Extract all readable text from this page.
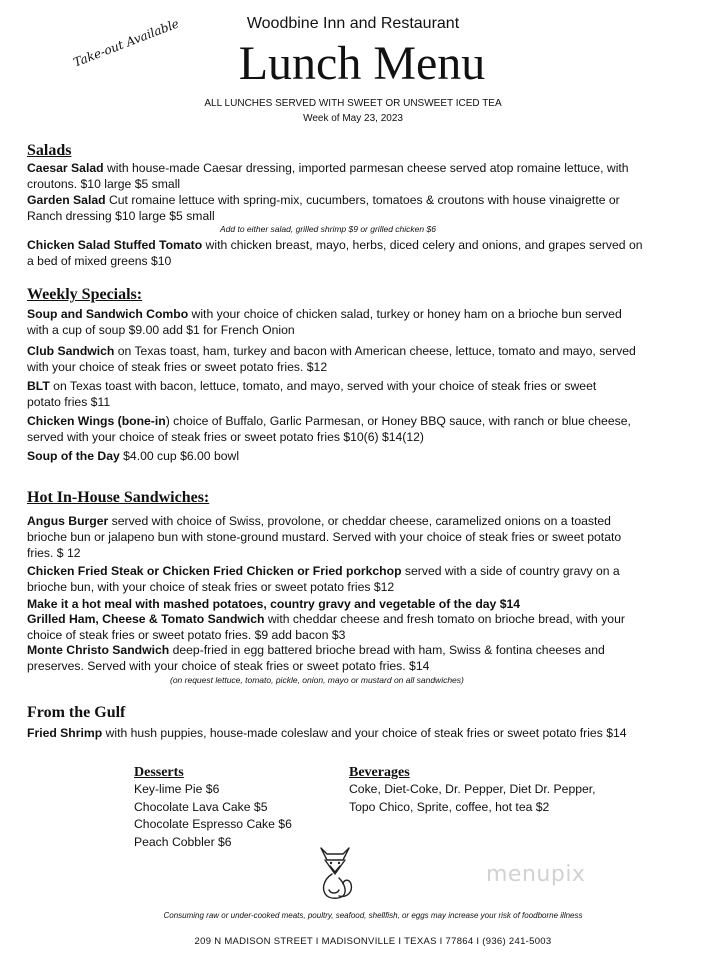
Woodbine Inn and Restaurant
Lunch Menu
Take-out Available
ALL LUNCHES SERVED WITH SWEET OR UNSWEET ICED TEA
Week of May 23, 2023
Salads
Caesar Salad with house-made Caesar dressing, imported parmesan cheese served atop romaine lettuce, with
croutons. $10 large $5 small
Garden Salad Cut romaine lettuce with spring-mix, cucumbers, tomatoes & croutons with house vinaigrette or
Ranch dressing $10 large $5 small
Add to either salad, grilled shrimp $9 or grilled chicken $6
Chicken Salad Stuffed Tomato with chicken breast, mayo, herbs, diced celery and onions, and grapes served on
a bed of mixed greens $10
Weekly Specials:
Soup and Sandwich Combo with your choice of chicken salad, turkey or honey ham on a brioche bun served
with a cup of soup $9.00 add $1 for French Onion
Club Sandwich on Texas toast, ham, turkey and bacon with American cheese, lettuce, tomato and mayo, served
with your choice of steak fries or sweet potato fries. $12
BLT on Texas toast with bacon, lettuce, tomato, and mayo, served with your choice of steak fries or sweet
potato fries $11
Chicken Wings (bone-in) choice of Buffalo, Garlic Parmesan, or Honey BBQ sauce, with ranch or blue cheese,
served with your choice of steak fries or sweet potato fries $10(6) $14(12)
Soup of the Day $4.00 cup $6.00 bowl
Hot In-House Sandwiches:
Angus Burger served with choice of Swiss, provolone, or cheddar cheese, caramelized onions on a toasted
brioche bun or jalapeno bun with stone-ground mustard. Served with your choice of steak fries or sweet potato
fries. $ 12
Chicken Fried Steak or Chicken Fried Chicken or Fried porkchop served with a side of country gravy on a
brioche bun, with your choice of steak fries or sweet potato fries $12
Make it a hot meal with mashed potatoes, country gravy and vegetable of the day $14
Grilled Ham, Cheese & Tomato Sandwich with cheddar cheese and fresh tomato on brioche bread, with your
choice of steak fries or sweet potato fries. $9 add bacon $3
Monte Christo Sandwich deep-fried in egg battered brioche bread with ham, Swiss & fontina cheeses and
preserves. Served with your choice of steak fries or sweet potato fries. $14
(on request lettuce, tomato, pickle, onion, mayo or mustard on all sandwiches)
From the Gulf
Fried Shrimp with hush puppies, house-made coleslaw and your choice of steak fries or sweet potato fries $14
Desserts
Key-lime Pie $6
Chocolate Lava Cake $5
Chocolate Espresso Cake $6
Peach Cobbler $6
Beverages
Coke, Diet-Coke, Dr. Pepper, Diet Dr. Pepper,
Topo Chico, Sprite, coffee, hot tea $2
menupix
Consuming raw or under-cooked meats, poultry, seafood, shellfish, or eggs may increase your risk of foodborne illness
209 N MADISON STREET I MADISONVILLE I TEXAS I 77864 I (936) 241-5003
